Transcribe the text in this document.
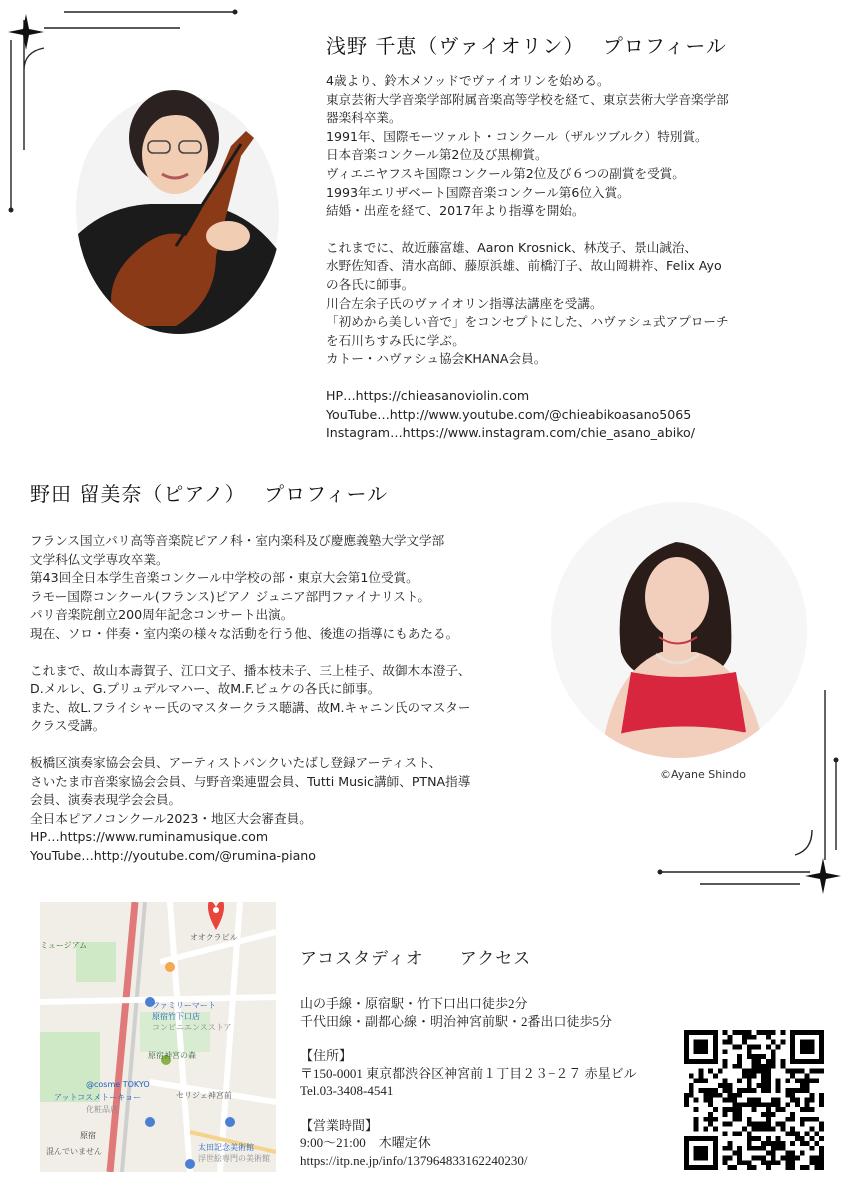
浅野 千恵（ヴァイオリン）　 プロフィール

4歳より、鈴木メソッドでヴァイオリンを始める。

東京芸術大学音楽学部附属音楽高等学校を経て、東京芸術大学音楽学部

器楽科卒業。

1991年、国際モーツァルト・コンクール（ザルツブルク）特別賞。

日本音楽コンクール第2位及び黒柳賞。

ヴィエニヤフスキ国際コンクール第2位及び６つの副賞を受賞。

1993年エリザベート国際音楽コンクール第6位入賞。

結婚・出産を経て、2017年より指導を開始。

これまでに、故近藤富雄、Aaron Krosnick、林茂子、景山誠治、

水野佐知香、清水高師、藤原浜雄、前橋汀子、故山岡耕祚、Felix Ayo

の各氏に師事。

川合左余子氏のヴァイオリン指導法講座を受講。

「初めから美しい音で」をコンセプトにした、ハヴァシュ式アプローチ

を石川ちすみ氏に学ぶ。

カトー・ハヴァシュ協会KHANA会員。

HP…https://chieasanoviolin.com

YouTube…http://www.youtube.com/@chieabikoasano5065

Instagram…https://www.instagram.com/chie_asano_abiko/

野田 留美奈（ピアノ）　 プロフィール

フランス国立パリ高等音楽院ピアノ科・室内楽科及び慶應義塾大学文学部

文学科仏文学専攻卒業。

第43回全日本学生音楽コンクール中学校の部・東京大会第1位受賞。

ラモー国際コンクール(フランス)ピアノ ジュニア部門ファイナリスト。

パリ音楽院創立200周年記念コンサート出演。

現在、ソロ・伴奏・室内楽の様々な活動を行う他、後進の指導にもあたる。

これまで、故山本壽賀子、江口文子、播本枝未子、三上桂子、故御木本澄子、

D.メルレ、G.プリュデルマハー、故M.F.ビュケの各氏に師事。

また、故L.フライシャー氏のマスタークラス聴講、故M.キャニン氏のマスター

クラス受講。

板橋区演奏家協会会員、アーティストバンクいたばし登録アーティスト、

さいたま市音楽家協会会員、与野音楽連盟会員、Tutti Music講師、PTNA指導

会員、演奏表現学会会員。

全日本ピアノコンクール2023・地区大会審査員。

HP…https://www.ruminamusique.com

YouTube…http://youtube.com/@rumina-piano

©Ayane Shindo
ミュージアム
オオクラビル
ファミリーマート
原宿竹下口店
コンビニエンスストア
原宿神宮の森
@cosme TOKYO
アットコスメトーキョー
化粧品店
セリジェ神宮前
原宿
太田記念美術館
浮世絵専門の美術館
混んでいません
アコスタディオ　　アクセス

山の手線・原宿駅・竹下口出口徒歩2分

千代田線・副都心線・明治神宮前駅・2番出口徒歩5分

【住所】

〒150-0001 東京都渋谷区神宮前１丁目２３−２７ 赤星ビル

Tel.03-3408-4541

【営業時間】

9:00～21:00　木曜定休

https://itp.ne.jp/info/137964833162240230/
